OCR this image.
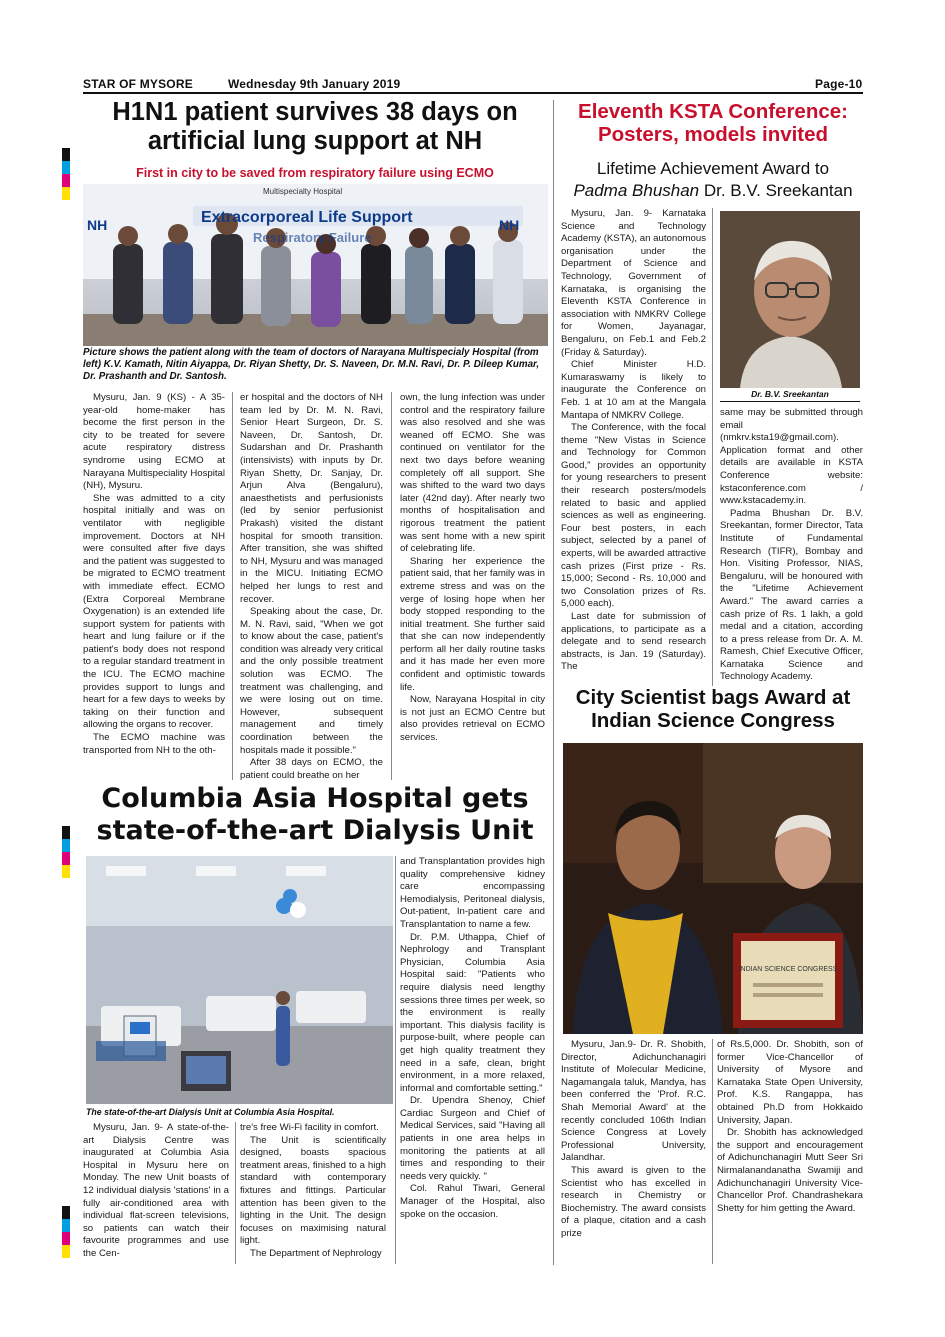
STAR OF MYSORE	Wednesday 9th January 2019	Page-10
H1N1 patient survives 38 days on
artificial lung support at NH
First in city to be saved from respiratory failure using ECMO
NH	NH
Multispecialty Hospital
Extracorporeal Life Support
Respiratory Failure
Picture shows the patient along with the team of doctors of Narayana Multispecialy Hospital (from left) K.V. Kamath, Nitin Aiyappa, Dr. Riyan Shetty, Dr. S. Naveen, Dr. M.N. Ravi, Dr. P. Dileep Kumar, Dr. Prashanth and Dr. Santosh.

Mysuru, Jan. 9 (KS) - A 35-year-old home-maker has become the first person in the city to be treated for severe acute respiratory distress syndrome using ECMO at Narayana Multispeciality Hospital (NH), Mysuru.

She was admitted to a city hospital initially and was on ventilator with negligible improvement. Doctors at NH were consulted after five days and the patient was suggested to be migrated to ECMO treatment with immediate effect. ECMO (Extra Corporeal Membrane Oxygenation) is an extended life support system for patients with heart and lung failure or if the patient's body does not respond to a regular standard treatment in the ICU. The ECMO machine provides support to lungs and heart for a few days to weeks by taking on their function and allowing the organs to recover.

The ECMO machine was transported from NH to the oth-

er hospital and the doctors of NH team led by Dr. M. N. Ravi, Senior Heart Surgeon, Dr. S. Naveen, Dr. Santosh, Dr. Sudarshan and Dr. Prashanth (intensivists) with inputs by Dr. Riyan Shetty, Dr. Sanjay, Dr. Arjun Alva (Bengaluru), anaesthetists and perfusionists (led by senior perfusionist Prakash) visited the distant hospital for smooth transition. After transition, she was shifted to NH, Mysuru and was managed in the MICU. Initiating ECMO helped her lungs to rest and recover.

Speaking about the case, Dr. M. N. Ravi, said, "When we got to know about the case, patient's condition was already very critical and the only possible treatment solution was ECMO. The treatment was challenging, and we were losing out on time. However, subsequent management and timely coordination between the hospitals made it possible."

After 38 days on ECMO, the patient could breathe on her

own, the lung infection was under control and the respiratory failure was also resolved and she was weaned off ECMO. She was continued on ventilator for the next two days before weaning completely off all support. She was shifted to the ward two days later (42nd day). After nearly two months of hospitalisation and rigorous treatment the patient was sent home with a new spirit of celebrating life.

Sharing her experience the patient said, that her family was in extreme stress and was on the verge of losing hope when her body stopped responding to the initial treatment. She further said that she can now independently perform all her daily routine tasks and it has made her even more confident and optimistic towards life.

Now, Narayana Hospital in city is not just an ECMO Centre but also provides retrieval on ECMO services.

Eleventh KSTA Conference:
Posters, models invited
Lifetime Achievement Award to
Padma Bhushan Dr. B.V. Sreekantan

Mysuru, Jan. 9- Karnataka Science and Technology Academy (KSTA), an autonomous organisation under the Department of Science and Technology, Government of Karnataka, is organising the Eleventh KSTA Conference in association with NMKRV College for Women, Jayanagar, Bengaluru, on Feb.1 and Feb.2 (Friday & Saturday).

Chief Minister H.D. Kumaraswamy is likely to inaugurate the Conference on Feb. 1 at 10 am at the Mangala Mantapa of NMKRV College.

The Conference, with the focal theme "New Vistas in Science and Technology for Common Good," provides an opportunity for young researchers to present their research posters/models related to basic and applied sciences as well as engineering. Four best posters, in each subject, selected by a panel of experts, will be awarded attractive cash prizes (First prize - Rs. 15,000; Second - Rs. 10,000 and two Consolation prizes of Rs. 5,000 each).

Last date for submission of applications, to participate as a delegate and to send research abstracts, is Jan. 19 (Saturday). The

Dr. B.V. Sreekantan

same may be submitted through email (nmkrv.ksta19@gmail.com). Application format and other details are available in KSTA Conference website: kstaconference.com / www.kstacademy.in.

Padma Bhushan Dr. B.V. Sreekantan, former Director, Tata Institute of Fundamental Research (TIFR), Bombay and Hon. Visiting Professor, NIAS, Bengaluru, will be honoured with the "Lifetime Achievement Award." The award carries a cash prize of Rs. 1 lakh, a gold medal and a citation, according to a press release from Dr. A. M. Ramesh, Chief Executive Officer, Karnataka Science and Technology Academy.

City Scientist bags Award at
Indian Science Congress
INDIAN SCIENCE CONGRESS

Mysuru, Jan.9- Dr. R. Shobith, Director, Adichunchanagiri Institute of Molecular Medicine, Nagamangala taluk, Mandya, has been conferred the 'Prof. R.C. Shah Memorial Award' at the recently concluded 106th Indian Science Congress at Lovely Professional University, Jalandhar.

This award is given to the Scientist who has excelled in research in Chemistry or Biochemistry. The award consists of a plaque, citation and a cash prize

of Rs.5,000. Dr. Shobith, son of former Vice-Chancellor of University of Mysore and Karnataka State Open University, Prof. K.S. Rangappa, has obtained Ph.D from Hokkaido University, Japan.

Dr. Shobith has acknowledged the support and encouragement of Adichunchanagiri Mutt Seer Sri Nirmalanandanatha Swamiji and Adichunchanagiri University Vice-Chancellor Prof. Chandrashekara Shetty for him getting the Award.

Columbia Asia Hospital gets
state-of-the-art Dialysis Unit
The state-of-the-art Dialysis Unit at Columbia Asia Hospital.

and Transplantation provides high quality comprehensive kidney care encompassing Hemodialysis, Peritoneal dialysis, Out-patient, In-patient care and Transplantation to name a few.

Dr. P.M. Uthappa, Chief of Nephrology and Transplant Physician, Columbia Asia Hospital said: "Patients who require dialysis need lengthy sessions three times per week, so the environment is really important. This dialysis facility is purpose-built, where people can get high quality treatment they need in a safe, clean, bright environment, in a more relaxed, informal and comfortable setting."

Dr. Upendra Shenoy, Chief Cardiac Surgeon and Chief of Medical Services, said "Having all patients in one area helps in monitoring the patients at all times and responding to their needs very quickly. "

Col. Rahul Tiwari, General Manager of the Hospital, also spoke on the occasion.

Mysuru, Jan. 9- A state-of-the-art Dialysis Centre was inaugurated at Columbia Asia Hospital in Mysuru here on Monday. The new Unit boasts of 12 individual dialysis 'stations' in a fully air-conditioned area with individual flat-screen televisions, so patients can watch their favourite programmes and use the Cen-

tre's free Wi-Fi facility in comfort.

The Unit is scientifically designed, boasts spacious treatment areas, finished to a high standard with contemporary fixtures and fittings. Particular attention has been given to the lighting in the Unit. The design focuses on maximising natural light.

The Department of Nephrology
